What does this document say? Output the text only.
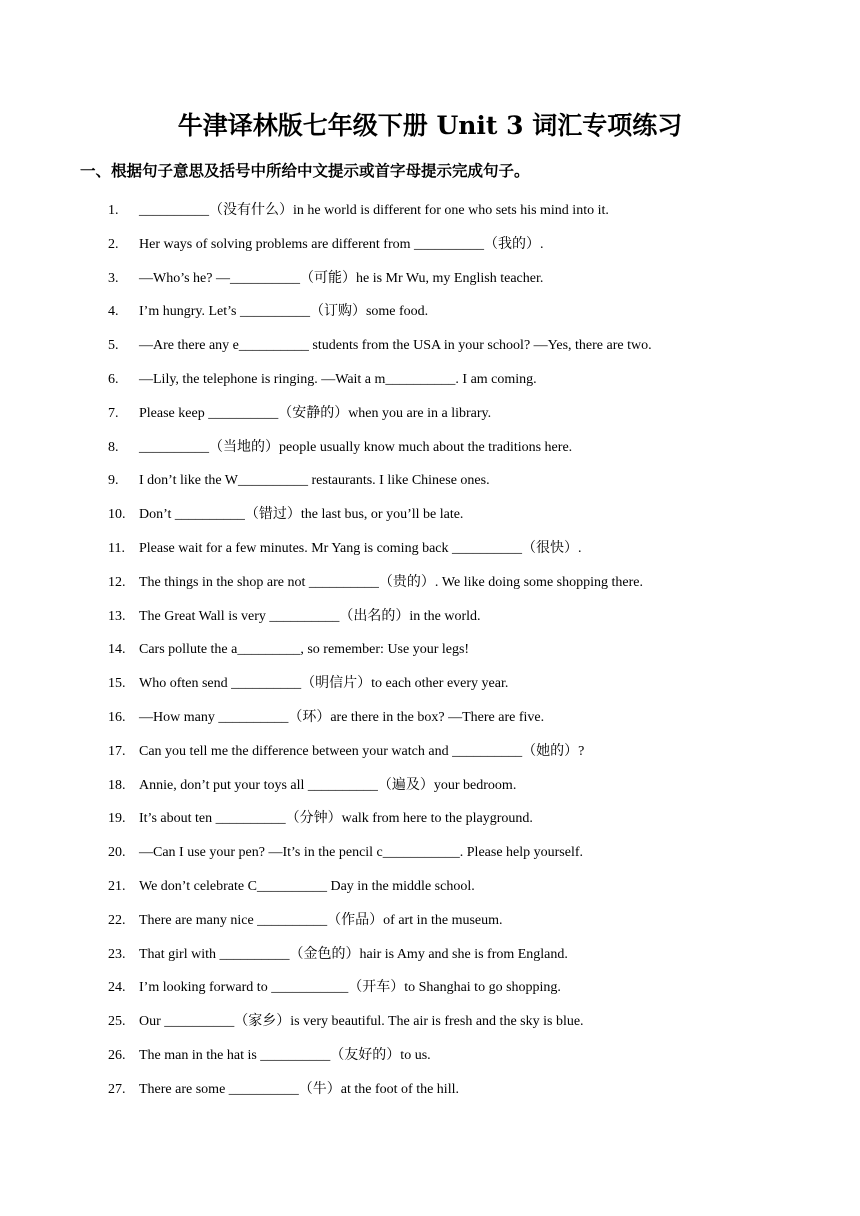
牛津译林版七年级下册 Unit 3 词汇专项练习
一、根据句子意思及括号中所给中文提示或首字母提示完成句子。
1.	__________（没有什么）in he world is different for one who sets his mind into it.
2.	Her ways of solving problems are different from __________（我的）.
3.	—Who’s he? —__________（可能）he is Mr Wu, my English teacher.
4.	I’m hungry. Let’s __________（订购）some food.
5.	—Are there any e__________ students from the USA in your school? —Yes, there are two.
6.	—Lily, the telephone is ringing. —Wait a m__________. I am coming.
7.	Please keep __________（安静的）when you are in a library.
8.	__________（当地的）people usually know much about the traditions here.
9.	I don’t like the W__________ restaurants. I like Chinese ones.
10. Don’t __________（错过）the last bus, or you’ll be late.
11.	Please wait for a few minutes. Mr Yang is coming back __________（很快）.
12. The things in the shop are not __________（贵的）. We like doing some shopping there.
13. The Great Wall is very __________（出名的）in the world.
14. Cars pollute the a_________, so remember: Use your legs!
15. Who often send __________（明信片）to each other every year.
16. —How many __________（环）are there in the box? —There are five.
17. Can you tell me the difference between your watch and __________（她的）?
18. Annie, don’t put your toys all __________（遍及）your bedroom.
19. It’s about ten __________（分钟）walk from here to the playground.
20. —Can I use your pen? —It’s in the pencil c___________. Please help yourself.
21. We don’t celebrate C__________ Day in the middle school.
22. There are many nice __________（作品）of art in the museum.
23. That girl with __________（金色的）hair is Amy and she is from England.
24. I’m looking forward to ___________（开车）to Shanghai to go shopping.
25. Our __________（家乡）is very beautiful. The air is fresh and the sky is blue.
26. The man in the hat is __________（友好的）to us.
27. There are some __________（牛）at the foot of the hill.
